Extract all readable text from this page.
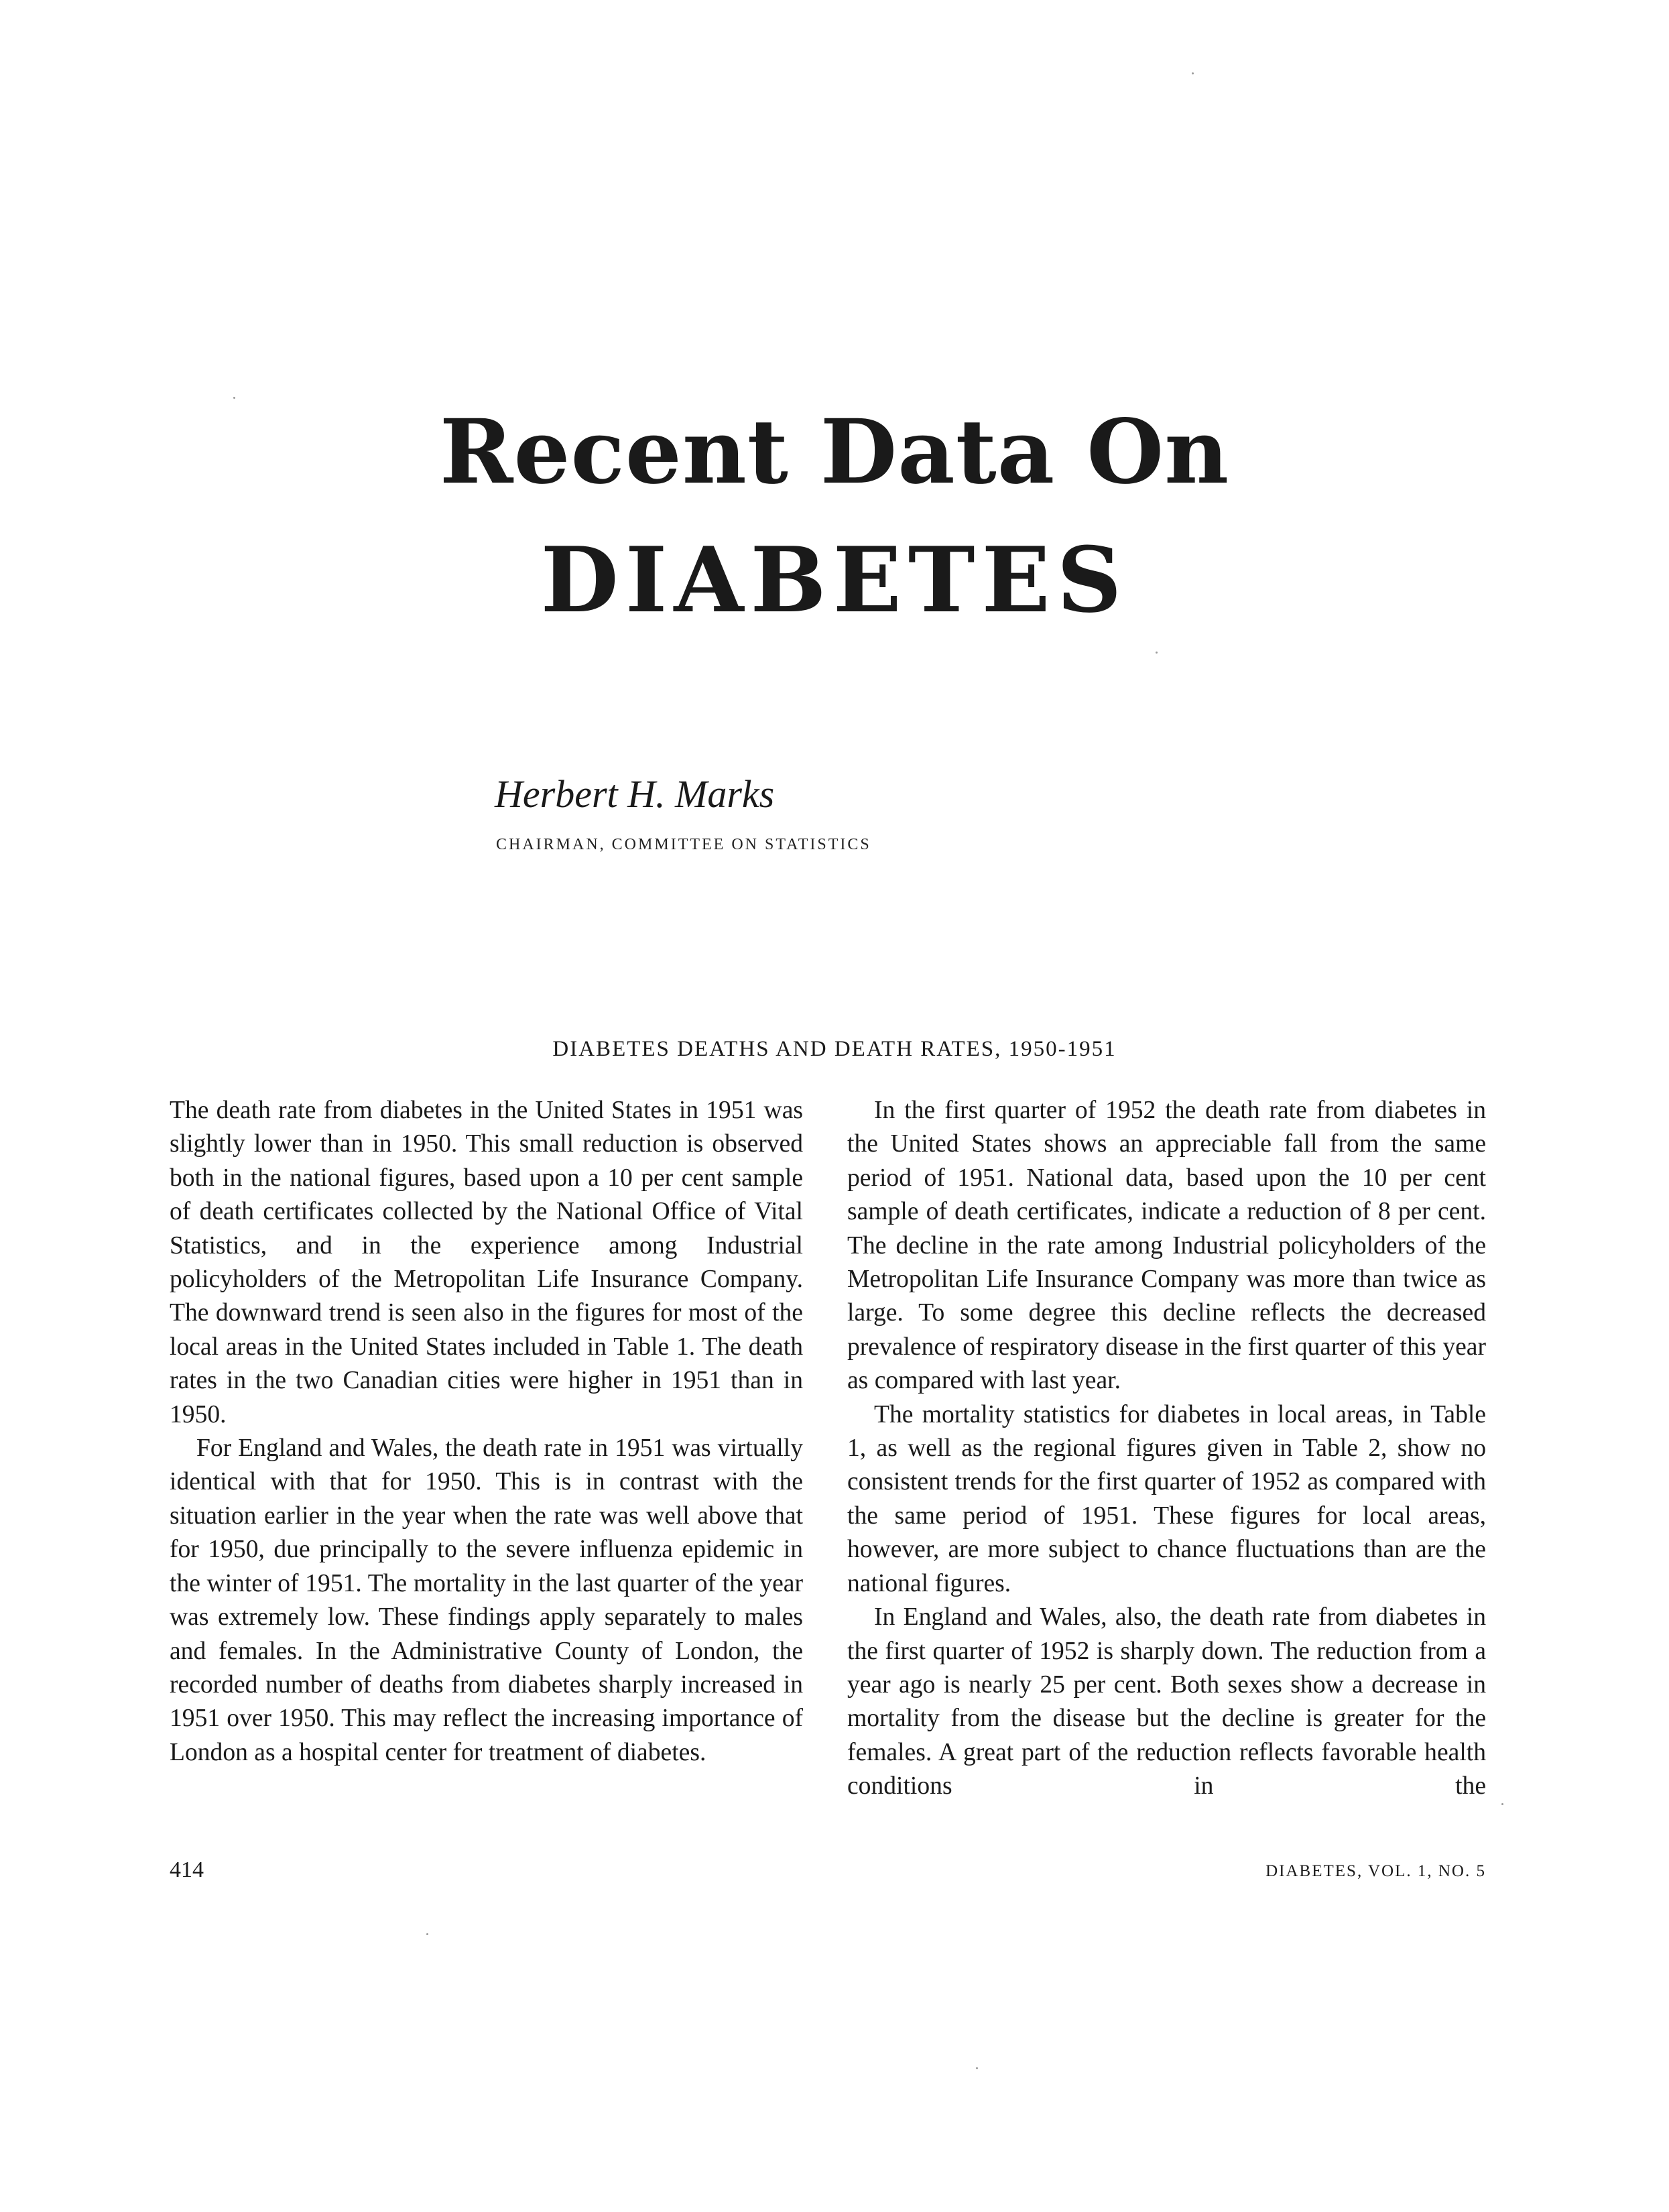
Recent Data On
DIABETES
Herbert H. Marks
CHAIRMAN, COMMITTEE ON STATISTICS
DIABETES DEATHS AND DEATH RATES, 1950-1951

The death rate from diabetes in the United States in 1951 was slightly lower than in 1950. This small reduction is observed both in the national figures, based upon a 10 per cent sample of death certificates collected by the National Office of Vital Statistics, and in the experience among Industrial policyholders of the Metropolitan Life Insurance Company. The downward trend is seen also in the figures for most of the local areas in the United States included in Table 1. The death rates in the two Canadian cities were higher in 1951 than in 1950.

For England and Wales, the death rate in 1951 was virtually identical with that for 1950. This is in contrast with the situation earlier in the year when the rate was well above that for 1950, due principally to the severe influenza epidemic in the winter of 1951. The mortality in the last quarter of the year was extremely low. These findings apply separately to males and females. In the Administrative County of London, the recorded number of deaths from diabetes sharply increased in 1951 over 1950. This may reflect the increasing importance of London as a hospital center for treatment of diabetes.

In the first quarter of 1952 the death rate from diabetes in the United States shows an appreciable fall from the same period of 1951. National data, based upon the 10 per cent sample of death certificates, indicate a reduction of 8 per cent. The decline in the rate among Industrial policyholders of the Metropolitan Life Insurance Company was more than twice as large. To some degree this decline reflects the decreased prevalence of respiratory disease in the first quarter of this year as compared with last year.

The mortality statistics for diabetes in local areas, in Table 1, as well as the regional figures given in Table 2, show no consistent trends for the first quarter of 1952 as compared with the same period of 1951. These figures for local areas, however, are more subject to chance fluctuations than are the national figures.

In England and Wales, also, the death rate from diabetes in the first quarter of 1952 is sharply down. The reduction from a year ago is nearly 25 per cent. Both sexes show a decrease in mortality from the disease but the decline is greater for the females. A great part of the reduction reflects favorable health conditions in the

414	DIABETES, VOL. 1, NO. 5
